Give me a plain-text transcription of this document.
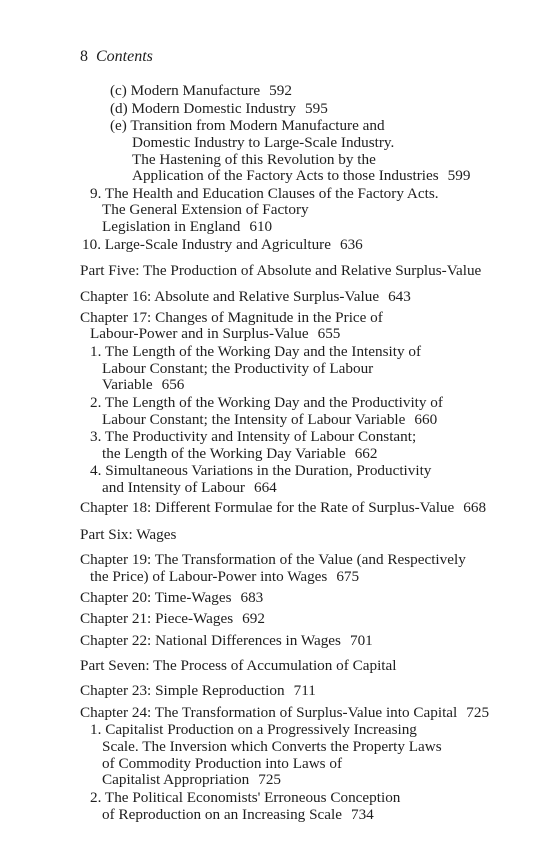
8 Contents
(c) Modern Manufacture 592
(d) Modern Domestic Industry 595
(e) Transition from Modern Manufacture and
Domestic Industry to Large-Scale Industry.
The Hastening of this Revolution by the
Application of the Factory Acts to those Industries 599
9. The Health and Education Clauses of the Factory Acts.
The General Extension of Factory
Legislation in England 610
10. Large-Scale Industry and Agriculture 636
Part Five: The Production of Absolute and Relative Surplus-Value
Chapter 16: Absolute and Relative Surplus-Value 643
Chapter 17: Changes of Magnitude in the Price of
Labour-Power and in Surplus-Value 655
1. The Length of the Working Day and the Intensity of
Labour Constant; the Productivity of Labour
Variable 656
2. The Length of the Working Day and the Productivity of
Labour Constant; the Intensity of Labour Variable 660
3. The Productivity and Intensity of Labour Constant;
the Length of the Working Day Variable 662
4. Simultaneous Variations in the Duration, Productivity
and Intensity of Labour 664
Chapter 18: Different Formulae for the Rate of Surplus-Value 668
Part Six: Wages
Chapter 19: The Transformation of the Value (and Respectively
the Price) of Labour-Power into Wages 675
Chapter 20: Time-Wages 683
Chapter 21: Piece-Wages 692
Chapter 22: National Differences in Wages 701
Part Seven: The Process of Accumulation of Capital
Chapter 23: Simple Reproduction 711
Chapter 24: The Transformation of Surplus-Value into Capital 725
1. Capitalist Production on a Progressively Increasing
Scale. The Inversion which Converts the Property Laws
of Commodity Production into Laws of
Capitalist Appropriation 725
2. The Political Economists' Erroneous Conception
of Reproduction on an Increasing Scale 734
